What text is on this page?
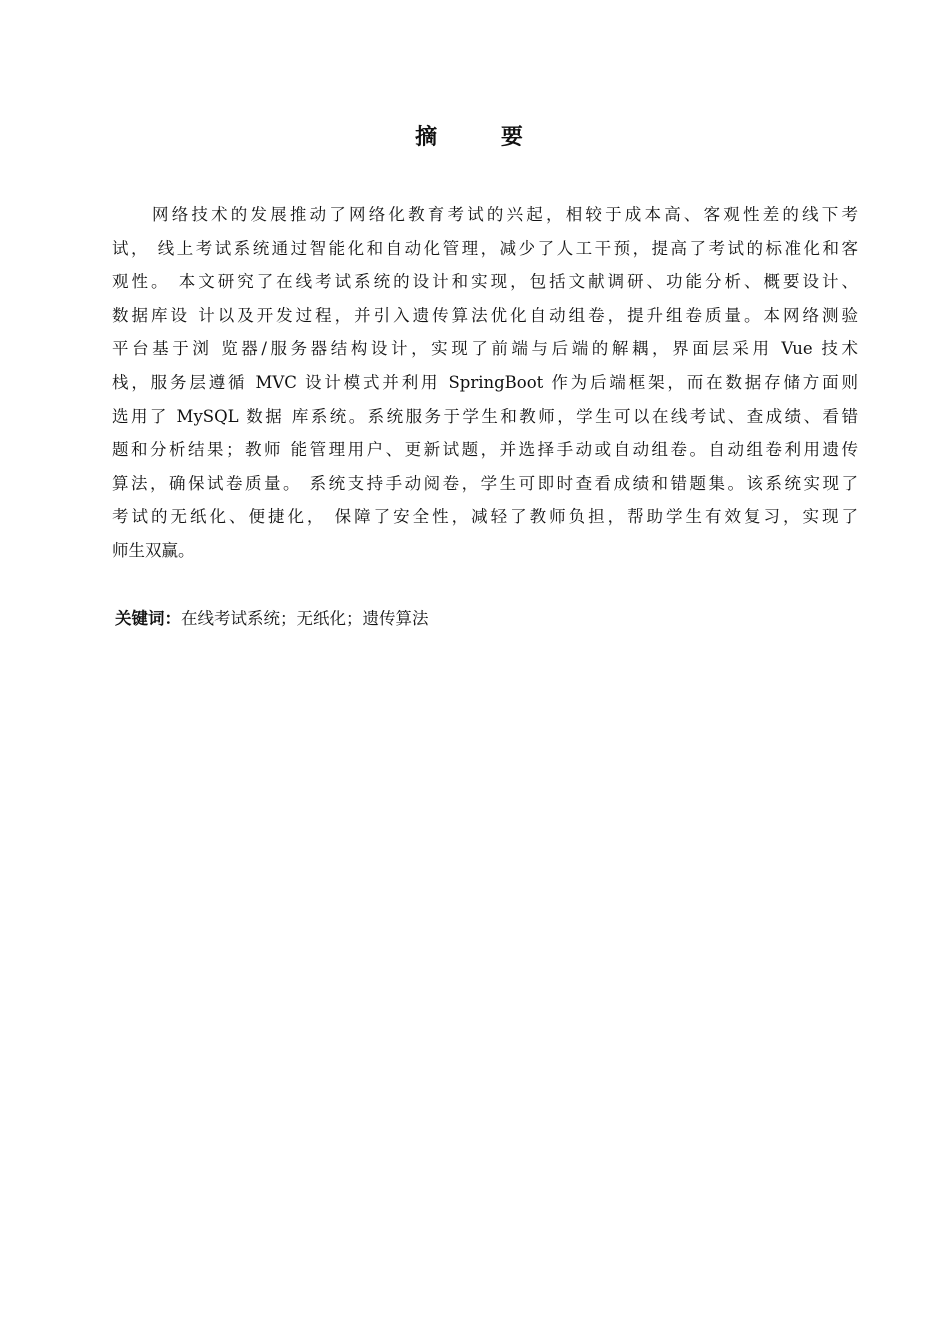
摘 要
网络技术的发展推动了网络化教育考试的兴起，相较于成本高、客观性差的线下考
试， 线上考试系统通过智能化和自动化管理，减少了人工干预，提高了考试的标准化和客
观性。 本文研究了在线考试系统的设计和实现，包括文献调研、功能分析、概要设计、
数据库设 计以及开发过程，并引入遗传算法优化自动组卷，提升组卷质量。本网络测验
平台基于浏 览器/服务器结构设计，实现了前端与后端的解耦，界面层采用 Vue 技术
栈，服务层遵循 MVC 设计模式并利用 SpringBoot 作为后端框架，而在数据存储方面则
选用了 MySQL 数据 库系统。系统服务于学生和教师，学生可以在线考试、查成绩、看错
题和分析结果；教师 能管理用户、更新试题，并选择手动或自动组卷。自动组卷利用遗传
算法，确保试卷质量。 系统支持手动阅卷，学生可即时查看成绩和错题集。该系统实现了
考试的无纸化、便捷化， 保障了安全性，减轻了教师负担，帮助学生有效复习，实现了
师生双赢。
关键词：在线考试系统；无纸化；遗传算法
